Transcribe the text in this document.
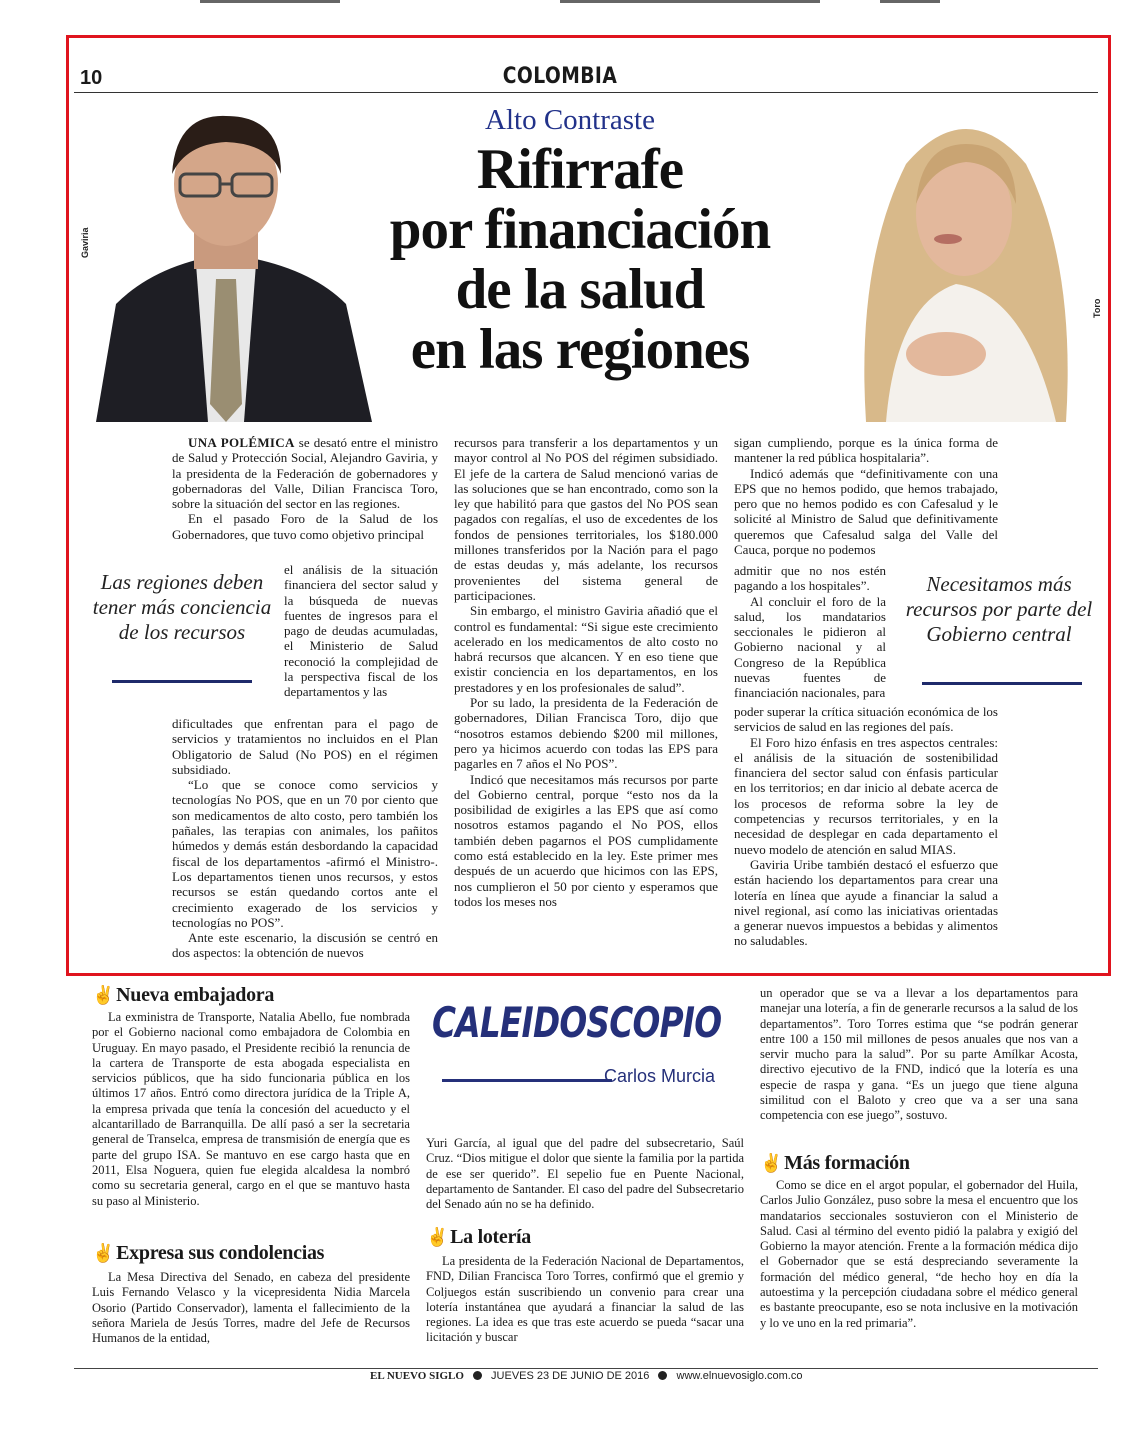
10	COLOMBIA
Gaviria
Toro
Alto Contraste
Rifirrafe
por financiación
de la salud
en las regiones

UNA POLÉMICA se desató entre el ministro de Salud y Protección Social, Alejandro Gaviria, y la presidenta de la Federación de gobernadores y gobernadoras del Valle, Dilian Francisca Toro, sobre la situación del sector en las regiones.

En el pasado Foro de la Salud de los Gobernadores, que tuvo como objetivo principal

el análisis de la situación financiera del sector salud y la búsqueda de nuevas fuentes de ingresos para el pago de deudas acumuladas, el Ministerio de Salud reconoció la complejidad de la perspectiva fiscal de los departamentos y las

dificultades que enfrentan para el pago de servicios y tratamientos no incluidos en el Plan Obligatorio de Salud (No POS) en el régimen subsidiado.

“Lo que se conoce como servicios y tecnologías No POS, que en un 70 por ciento que son medicamentos de alto costo, pero también los pañales, las terapias con animales, los pañitos húmedos y demás están desbordando la capacidad fiscal de los departamentos -afirmó el Ministro-. Los departamentos tienen unos recursos, y estos recursos se están quedando cortos ante el crecimiento exagerado de los servicios y tecnologías no POS”.

Ante este escenario, la discusión se centró en dos aspectos: la obtención de nuevos

Las regiones deben tener más conciencia de los recursos

recursos para transferir a los departamentos y un mayor control al No POS del régimen subsidiado. El jefe de la cartera de Salud mencionó varias de las soluciones que se han encontrado, como son la ley que habilitó para que gastos del No POS sean pagados con regalías, el uso de excedentes de los fondos de pensiones territoriales, los $180.000 millones transferidos por la Nación para el pago de estas deudas y, más adelante, los recursos provenientes del sistema general de participaciones.

Sin embargo, el ministro Gaviria añadió que el control es fundamental: “Si sigue este crecimiento acelerado en los medicamentos de alto costo no habrá recursos que alcancen. Y en eso tiene que existir conciencia en los departamentos, en los prestadores y en los profesionales de salud”.

Por su lado, la presidenta de la Federación de gobernadores, Dilian Francisca Toro, dijo que “nosotros estamos debiendo $200 mil millones, pero ya hicimos acuerdo con todas las EPS para pagarles en 7 años el No POS”.

Indicó que necesitamos más recursos por parte del Gobierno central, porque “esto nos da la posibilidad de exigirles a las EPS que así como nosotros estamos pagando el No POS, ellos también deben pagarnos el POS cumplidamente como está establecido en la ley. Este primer mes después de un acuerdo que hicimos con las EPS, nos cumplieron el 50 por ciento y esperamos que todos los meses nos

sigan cumpliendo, porque es la única forma de mantener la red pública hospitalaria”.

Indicó además que “definitivamente con una EPS que no hemos podido, que hemos trabajado, pero que no hemos podido es con Cafesalud y le solicité al Ministro de Salud que definitivamente queremos que Cafesalud salga del Valle del Cauca, porque no podemos

admitir que no nos estén pagando a los hospitales”.

Al concluir el foro de la salud, los mandatarios seccionales le pidieron al Gobierno nacional y al Congreso de la República nuevas fuentes de financiación nacionales, para

poder superar la crítica situación económica de los servicios de salud en las regiones del país.

El Foro hizo énfasis en tres aspectos centrales: el análisis de la situación de sostenibilidad financiera del sector salud con énfasis particular en los territorios; en dar inicio al debate acerca de los procesos de reforma sobre la ley de competencias y recursos territoriales, y en la necesidad de desplegar en cada departamento el nuevo modelo de atención en salud MIAS.

Gaviria Uribe también destacó el esfuerzo que están haciendo los departamentos para crear una lotería en línea que ayude a financiar la salud a nivel regional, así como las iniciativas orientadas a generar nuevos impuestos a bebidas y alimentos no saludables.

Necesitamos más recursos por parte del Gobierno central
✌ Nueva embajadora

La exministra de Transporte, Natalia Abello, fue nombrada por el Gobierno nacional como embajadora de Colombia en Uruguay. En mayo pasado, el Presidente recibió la renuncia de la cartera de Transporte de esta abogada especialista en servicios públicos, que ha sido funcionaria pública en los últimos 17 años. Entró como directora jurídica de la Triple A, la empresa privada que tenía la concesión del acueducto y el alcantarillado de Barranquilla. De allí pasó a ser la secretaria general de Transelca, empresa de transmisión de energía que es parte del grupo ISA. Se mantuvo en ese cargo hasta que en 2011, Elsa Noguera, quien fue elegida alcaldesa la nombró como su secretaria general, cargo en el que se mantuvo hasta su paso al Ministerio.

✌ Expresa sus condolencias

La Mesa Directiva del Senado, en cabeza del presidente Luis Fernando Velasco y la vicepresidenta Nidia Marcela Osorio (Partido Conservador), lamenta el fallecimiento de la señora Mariela de Jesús Torres, madre del Jefe de Recursos Humanos de la entidad,

CALEIDOSCOPIO
Carlos Murcia

Yuri García, al igual que del padre del subsecretario, Saúl Cruz. “Dios mitigue el dolor que siente la familia por la partida de ese ser querido”. El sepelio fue en Puente Nacional, departamento de Santander. El caso del padre del Subsecretario del Senado aún no se ha definido.

✌ La lotería

La presidenta de la Federación Nacional de Departamentos, FND, Dilian Francisca Toro Torres, confirmó que el gremio y Coljuegos están suscribiendo un convenio para crear una lotería instantánea que ayudará a financiar la salud de las regiones. La idea es que tras este acuerdo se pueda “sacar una licitación y buscar

un operador que se va a llevar a los departamentos para manejar una lotería, a fin de generarle recursos a la salud de los departamentos”. Toro Torres estima que “se podrán generar entre 100 a 150 mil millones de pesos anuales que nos van a servir mucho para la salud”. Por su parte Amílkar Acosta, directivo ejecutivo de la FND, indicó que la lotería es una especie de raspa y gana. “Es un juego que tiene alguna similitud con el Baloto y creo que va a ser una sana competencia con ese juego”, sostuvo.

✌ Más formación

Como se dice en el argot popular, el gobernador del Huila, Carlos Julio González, puso sobre la mesa el encuentro que los mandatarios seccionales sostuvieron con el Ministerio de Salud. Casi al término del evento pidió la palabra y exigió del Gobierno la mayor atención. Frente a la formación médica dijo el Gobernador que se está despreciando severamente la formación del médico general, “de hecho hoy en día la autoestima y la percepción ciudadana sobre el médico general es bastante preocupante, eso se nota inclusive en la motivación y lo ve uno en la red primaria”.

EL NUEVO SIGLO JUEVES 23 DE JUNIO DE 2016 www.elnuevosiglo.com.co
